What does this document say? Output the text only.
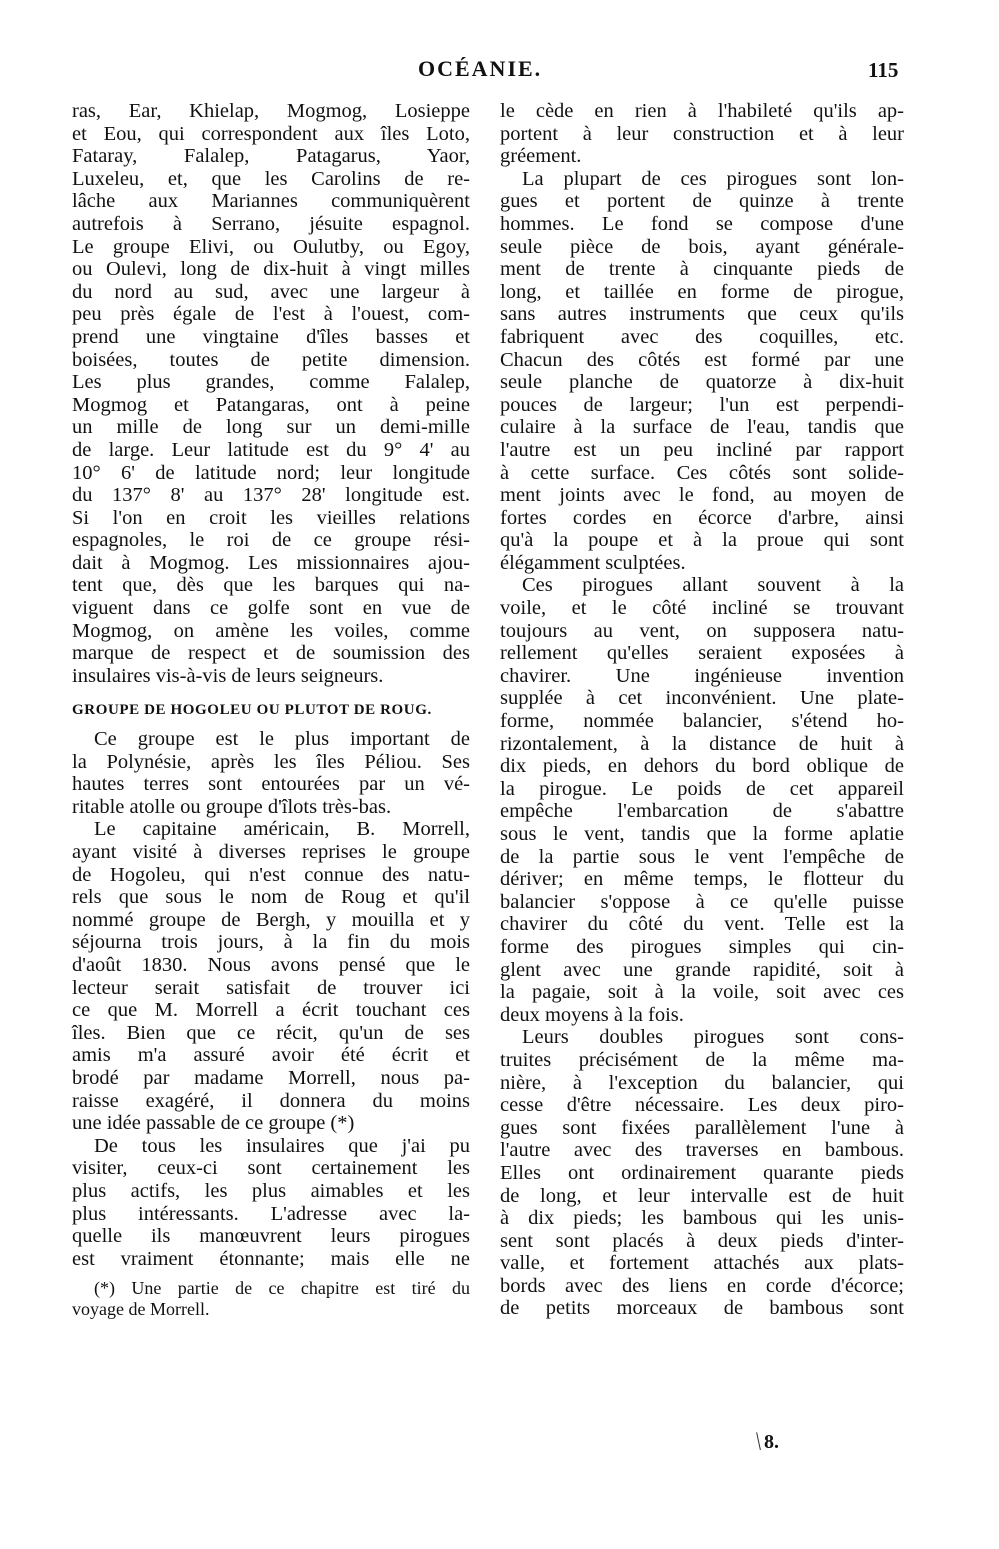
OCÉANIE.	115
ras, Ear, Khielap, Mogmog, Losieppe
et Eou, qui correspondent aux îles Loto,
Fataray, Falalep, Patagarus, Yaor,
Luxeleu, et, que les Carolins de re-
lâche aux Mariannes communiquèrent
autrefois à Serrano, jésuite espagnol.
Le groupe Elivi, ou Oulutby, ou Egoy,
ou Oulevi, long de dix-huit à vingt milles
du nord au sud, avec une largeur à
peu près égale de l'est à l'ouest, com-
prend une vingtaine d'îles basses et
boisées, toutes de petite dimension.
Les plus grandes, comme Falalep,
Mogmog et Patangaras, ont à peine
un mille de long sur un demi-mille
de large. Leur latitude est du 9° 4' au
10° 6' de latitude nord; leur longitude
du 137° 8' au 137° 28' longitude est.
Si l'on en croit les vieilles relations
espagnoles, le roi de ce groupe rési-
dait à Mogmog. Les missionnaires ajou-
tent que, dès que les barques qui na-
viguent dans ce golfe sont en vue de
Mogmog, on amène les voiles, comme
marque de respect et de soumission des
insulaires vis-à-vis de leurs seigneurs.
GROUPE DE HOGOLEU OU PLUTOT DE ROUG.
Ce groupe est le plus important de
la Polynésie, après les îles Péliou. Ses
hautes terres sont entourées par un vé-
ritable atolle ou groupe d'îlots très-bas.
Le capitaine américain, B. Morrell,
ayant visité à diverses reprises le groupe
de Hogoleu, qui n'est connue des natu-
rels que sous le nom de Roug et qu'il
nommé groupe de Bergh, y mouilla et y
séjourna trois jours, à la fin du mois
d'août 1830. Nous avons pensé que le
lecteur serait satisfait de trouver ici
ce que M. Morrell a écrit touchant ces
îles. Bien que ce récit, qu'un de ses
amis m'a assuré avoir été écrit et
brodé par madame Morrell, nous pa-
raisse exagéré, il donnera du moins
une idée passable de ce groupe (*)
De tous les insulaires que j'ai pu
visiter, ceux-ci sont certainement les
plus actifs, les plus aimables et les
plus intéressants. L'adresse avec la-
quelle ils manœuvrent leurs pirogues
est vraiment étonnante; mais elle ne
(*) Une partie de ce chapitre est tiré du
voyage de Morrell.
le cède en rien à l'habileté qu'ils ap-
portent à leur construction et à leur
gréement.
La plupart de ces pirogues sont lon-
gues et portent de quinze à trente
hommes. Le fond se compose d'une
seule pièce de bois, ayant générale-
ment de trente à cinquante pieds de
long, et taillée en forme de pirogue,
sans autres instruments que ceux qu'ils
fabriquent avec des coquilles, etc.
Chacun des côtés est formé par une
seule planche de quatorze à dix-huit
pouces de largeur; l'un est perpendi-
culaire à la surface de l'eau, tandis que
l'autre est un peu incliné par rapport
à cette surface. Ces côtés sont solide-
ment joints avec le fond, au moyen de
fortes cordes en écorce d'arbre, ainsi
qu'à la poupe et à la proue qui sont
élégamment sculptées.
Ces pirogues allant souvent à la
voile, et le côté incliné se trouvant
toujours au vent, on supposera natu-
rellement qu'elles seraient exposées à
chavirer. Une ingénieuse invention
supplée à cet inconvénient. Une plate-
forme, nommée balancier, s'étend ho-
rizontalement, à la distance de huit à
dix pieds, en dehors du bord oblique de
la pirogue. Le poids de cet appareil
empêche l'embarcation de s'abattre
sous le vent, tandis que la forme aplatie
de la partie sous le vent l'empêche de
dériver; en même temps, le flotteur du
balancier s'oppose à ce qu'elle puisse
chavirer du côté du vent. Telle est la
forme des pirogues simples qui cin-
glent avec une grande rapidité, soit à
la pagaie, soit à la voile, soit avec ces
deux moyens à la fois.
Leurs doubles pirogues sont cons-
truites précisément de la même ma-
nière, à l'exception du balancier, qui
cesse d'être nécessaire. Les deux piro-
gues sont fixées parallèlement l'une à
l'autre avec des traverses en bambous.
Elles ont ordinairement quarante pieds
de long, et leur intervalle est de huit
à dix pieds; les bambous qui les unis-
sent sont placés à deux pieds d'inter-
valle, et fortement attachés aux plats-
bords avec des liens en corde d'écorce;
de petits morceaux de bambous sont
8.
